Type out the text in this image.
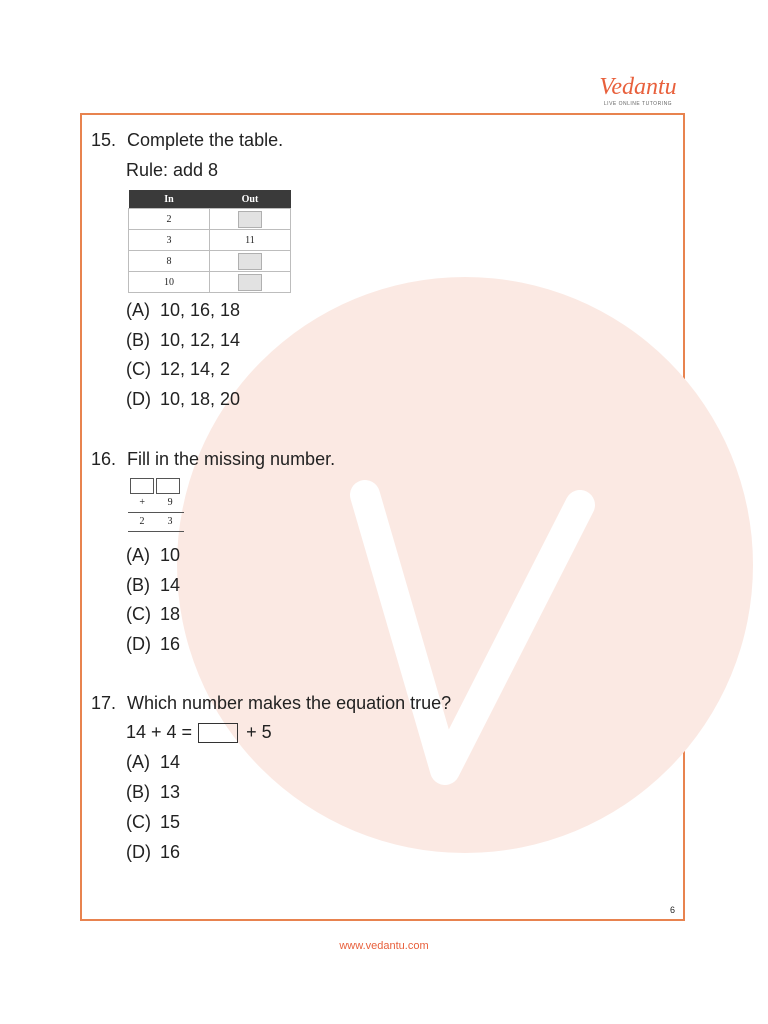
Vedantu
LIVE ONLINE TUTORING
15. Complete the table.
Rule: add 8
In	Out
2	
3	11
8	
10	
(A) 10, 16, 18
(B) 10, 12, 14
(C) 12, 14, 2
(D) 10, 18, 20
16. Fill in the missing number.
+ 9
2 3
(A) 10
(B) 14
(C) 18
(D) 16
17. Which number makes the equation true?
14 + 4 =	+ 5
(A) 14
(B) 13
(C) 15
(D) 16
6
www.vedantu.com
